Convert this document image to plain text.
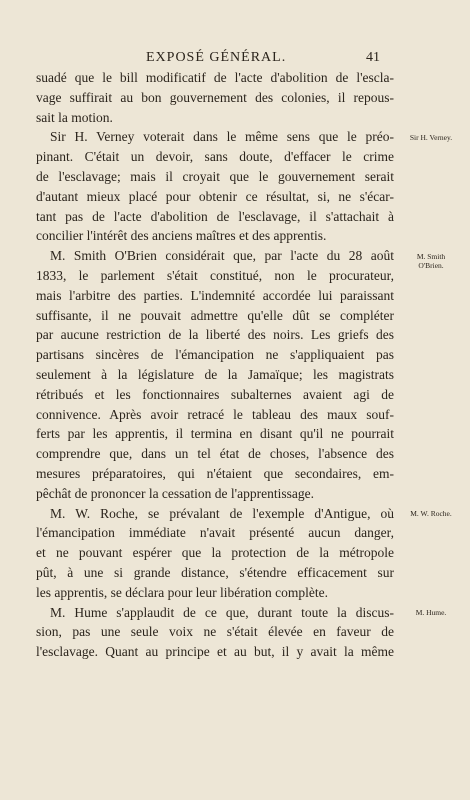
EXPOSÉ GÉNÉRAL.	41
suadé que le bill modificatif de l'acte d'abolition de l'escla-
vage suffirait au bon gouvernement des colonies, il repous-
sait la motion.
Sir H. Verney voterait dans le même sens que le préo-
pinant. C'était un devoir, sans doute, d'effacer le crime
de l'esclavage; mais il croyait que le gouvernement serait
d'autant mieux placé pour obtenir ce résultat, si, ne s'écar-
tant pas de l'acte d'abolition de l'esclavage, il s'attachait à
concilier l'intérêt des anciens maîtres et des apprentis.
M. Smith O'Brien considérait que, par l'acte du 28 août
1833, le parlement s'était constitué, non le procurateur,
mais l'arbitre des parties. L'indemnité accordée lui paraissant
suffisante, il ne pouvait admettre qu'elle dût se compléter
par aucune restriction de la liberté des noirs. Les griefs des
partisans sincères de l'émancipation ne s'appliquaient pas
seulement à la législature de la Jamaïque; les magistrats
rétribués et les fonctionnaires subalternes avaient agi de
connivence. Après avoir retracé le tableau des maux souf-
ferts par les apprentis, il termina en disant qu'il ne pourrait
comprendre que, dans un tel état de choses, l'absence des
mesures préparatoires, qui n'étaient que secondaires, em-
pêchât de prononcer la cessation de l'apprentissage.
M. W. Roche, se prévalant de l'exemple d'Antigue, où
l'émancipation immédiate n'avait présenté aucun danger,
et ne pouvant espérer que la protection de la métropole
pût, à une si grande distance, s'étendre efficacement sur
les apprentis, se déclara pour leur libération complète.
M. Hume s'applaudit de ce que, durant toute la discus-
sion, pas une seule voix ne s'était élevée en faveur de
l'esclavage. Quant au principe et au but, il y avait la même
Sir H. Verney.
M. Smith
O'Brien.
M. W. Roche.
M. Hume.
